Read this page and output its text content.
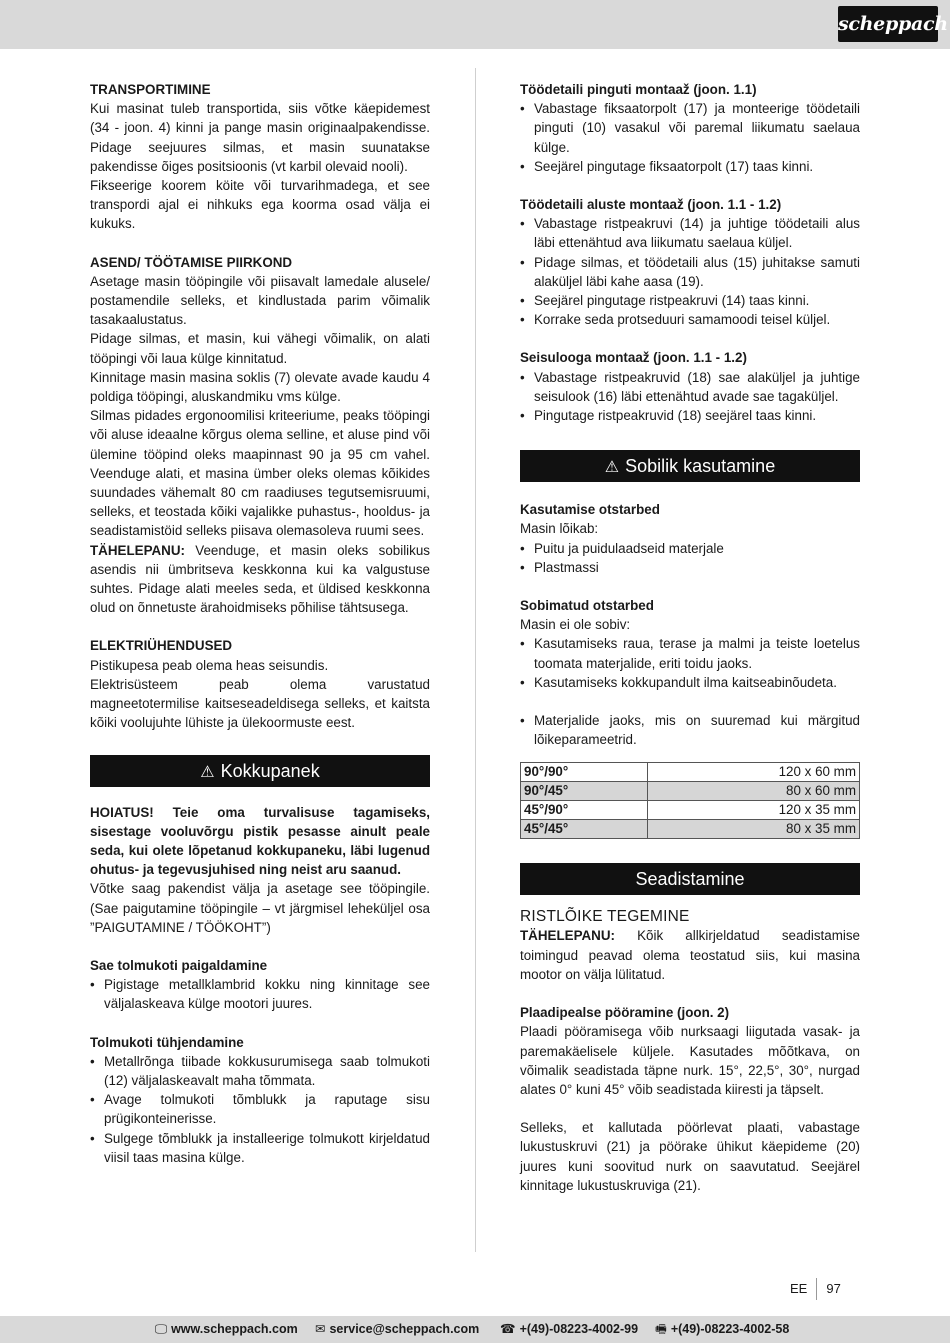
scheppach

TRANSPORTIMINE

Kui masinat tuleb transportida, siis võtke käepidemest (34 - joon. 4) kinni ja pange masin originaalpakendisse. Pidage seejuures silmas, et masin suunatakse pakendisse õiges positsioonis (vt karbil olevaid nooli).

Fikseerige koorem köite või turvarihmadega, et see transpordi ajal ei nihkuks ega koorma osad välja ei kukuks.

ASEND/ TÖÖTAMISE PIIRKOND

Asetage masin tööpingile või piisavalt lamedale alusele/ postamendile selleks, et kindlustada parim võimalik tasakaalustatus.

Pidage silmas, et masin, kui vähegi võimalik, on alati tööpingi või laua külge kinnitatud.

Kinnitage masin masina soklis (7) olevate avade kaudu 4 poldiga tööpingi, aluskandmiku vms külge.

Silmas pidades ergonoomilisi kriteeriume, peaks tööpingi või aluse ideaalne kõrgus olema selline, et aluse pind või ülemine tööpind oleks maapinnast 90 ja 95 cm vahel. Veenduge alati, et masina ümber oleks olemas kõikides suundades vähemalt 80 cm raadiuses tegutsemisruumi, selleks, et teostada kõiki vajalikke puhastus-, hooldus- ja seadistamistöid selleks piisava olemasoleva ruumi sees.

TÄHELEPANU: Veenduge, et masin oleks sobilikus asendis nii ümbritseva keskkonna kui ka valgustuse suhtes. Pidage alati meeles seda, et üldised keskkonna olud on õnnetuste ärahoidmiseks põhilise tähtsusega.

ELEKTRIÜHENDUSED

Pistikupesa peab olema heas seisundis.

Elektrisüsteem peab olema varustatud magneetotermilise kaitseseadeldisega selleks, et kaitsta kõiki voolujuhte lühiste ja ülekoormuste eest.

⚠ Kokkupanek

HOIATUS! Teie oma turvalisuse tagamiseks, sisestage vooluvõrgu pistik pesasse ainult peale seda, kui olete lõpetanud kokkupaneku, läbi lugenud ohutus- ja tegevusjuhised ning neist aru saanud.

Võtke saag pakendist välja ja asetage see tööpingile. (Sae paigutamine tööpingile – vt järgmisel leheküljel osa ”PAIGUTAMINE / TÖÖKOHT”)

Sae tolmukoti paigaldamine

• Pigistage metallklambrid kokku ning kinnitage see väljalaskeava külge mootori juures.

Tolmukoti tühjendamine

• Metallrõnga tiibade kokkusurumisega saab tolmukoti (12) väljalaskeavalt maha tõmmata.
• Avage tolmukoti tõmblukk ja raputage sisu prügikonteinerisse.
• Sulgege tõmblukk ja installeerige tolmukott kirjeldatud viisil taas masina külge.

Töödetaili pinguti montaaž (joon. 1.1)

• Vabastage fiksaatorpolt (17) ja monteerige töödetaili pinguti (10) vasakul või paremal liikumatu saelaua külge.
• Seejärel pingutage fiksaatorpolt (17) taas kinni.

Töödetaili aluste montaaž (joon. 1.1 - 1.2)

• Vabastage ristpeakruvi (14) ja juhtige töödetaili alus läbi ettenähtud ava liikumatu saelaua küljel.
• Pidage silmas, et töödetaili alus (15) juhitakse samuti alaküljel läbi kahe aasa (19).
• Seejärel pingutage ristpeakruvi (14) taas kinni.
• Korrake seda protseduuri samamoodi teisel küljel.

Seisulooga montaaž (joon. 1.1 - 1.2)

• Vabastage ristpeakruvid (18) sae alaküljel ja juhtige seisulook (16) läbi ettenähtud avade sae tagaküljel.
• Pingutage ristpeakruvid (18) seejärel taas kinni.
⚠ Sobilik kasutamine

Kasutamise otstarbed

Masin lõikab:

• Puitu ja puidulaadseid materjale
• Plastmassi

Sobimatud otstarbed

Masin ei ole sobiv:

• Kasutamiseks raua, terase ja malmi ja teiste loetelus toomata materjalide, eriti toidu jaoks.
• Kasutamiseks kokkupandult ilma kaitseabinõudeta.
• Materjalide jaoks, mis on suuremad kui märgitud lõikeparameetrid.
90°/90°	120 x 60 mm
90°/45°	80 x 60 mm
45°/90°	120 x 35 mm
45°/45°	80 x 35 mm
Seadistamine

RISTLÕIKE TEGEMINE

TÄHELEPANU: Kõik allkirjeldatud seadistamise toimingud peavad olema teostatud siis, kui masina mootor on välja lülitatud.

Plaadipealse pööramine (joon. 2)

Plaadi pööramisega võib nurksaagi liigutada vasak- ja paremakäelisele küljele. Kasutades mõõtkava, on võimalik seadistada täpne nurk. 15°, 22,5°, 30°, nurgad alates 0° kuni 45° võib seadistada kiiresti ja täpselt.

Selleks, et kallutada pöörlevat plaati, vabastage lukustuskruvi (21) ja pöörake ühikut käepideme (20) juures kuni soovitud nurk on saavutatud. Seejärel kinnitage lukustuskruviga (21).

EE 97
🖵 www.scheppach.com ✉ service@scheppach.com ☎ +(49)-08223-4002-99 🖷 +(49)-08223-4002-58
